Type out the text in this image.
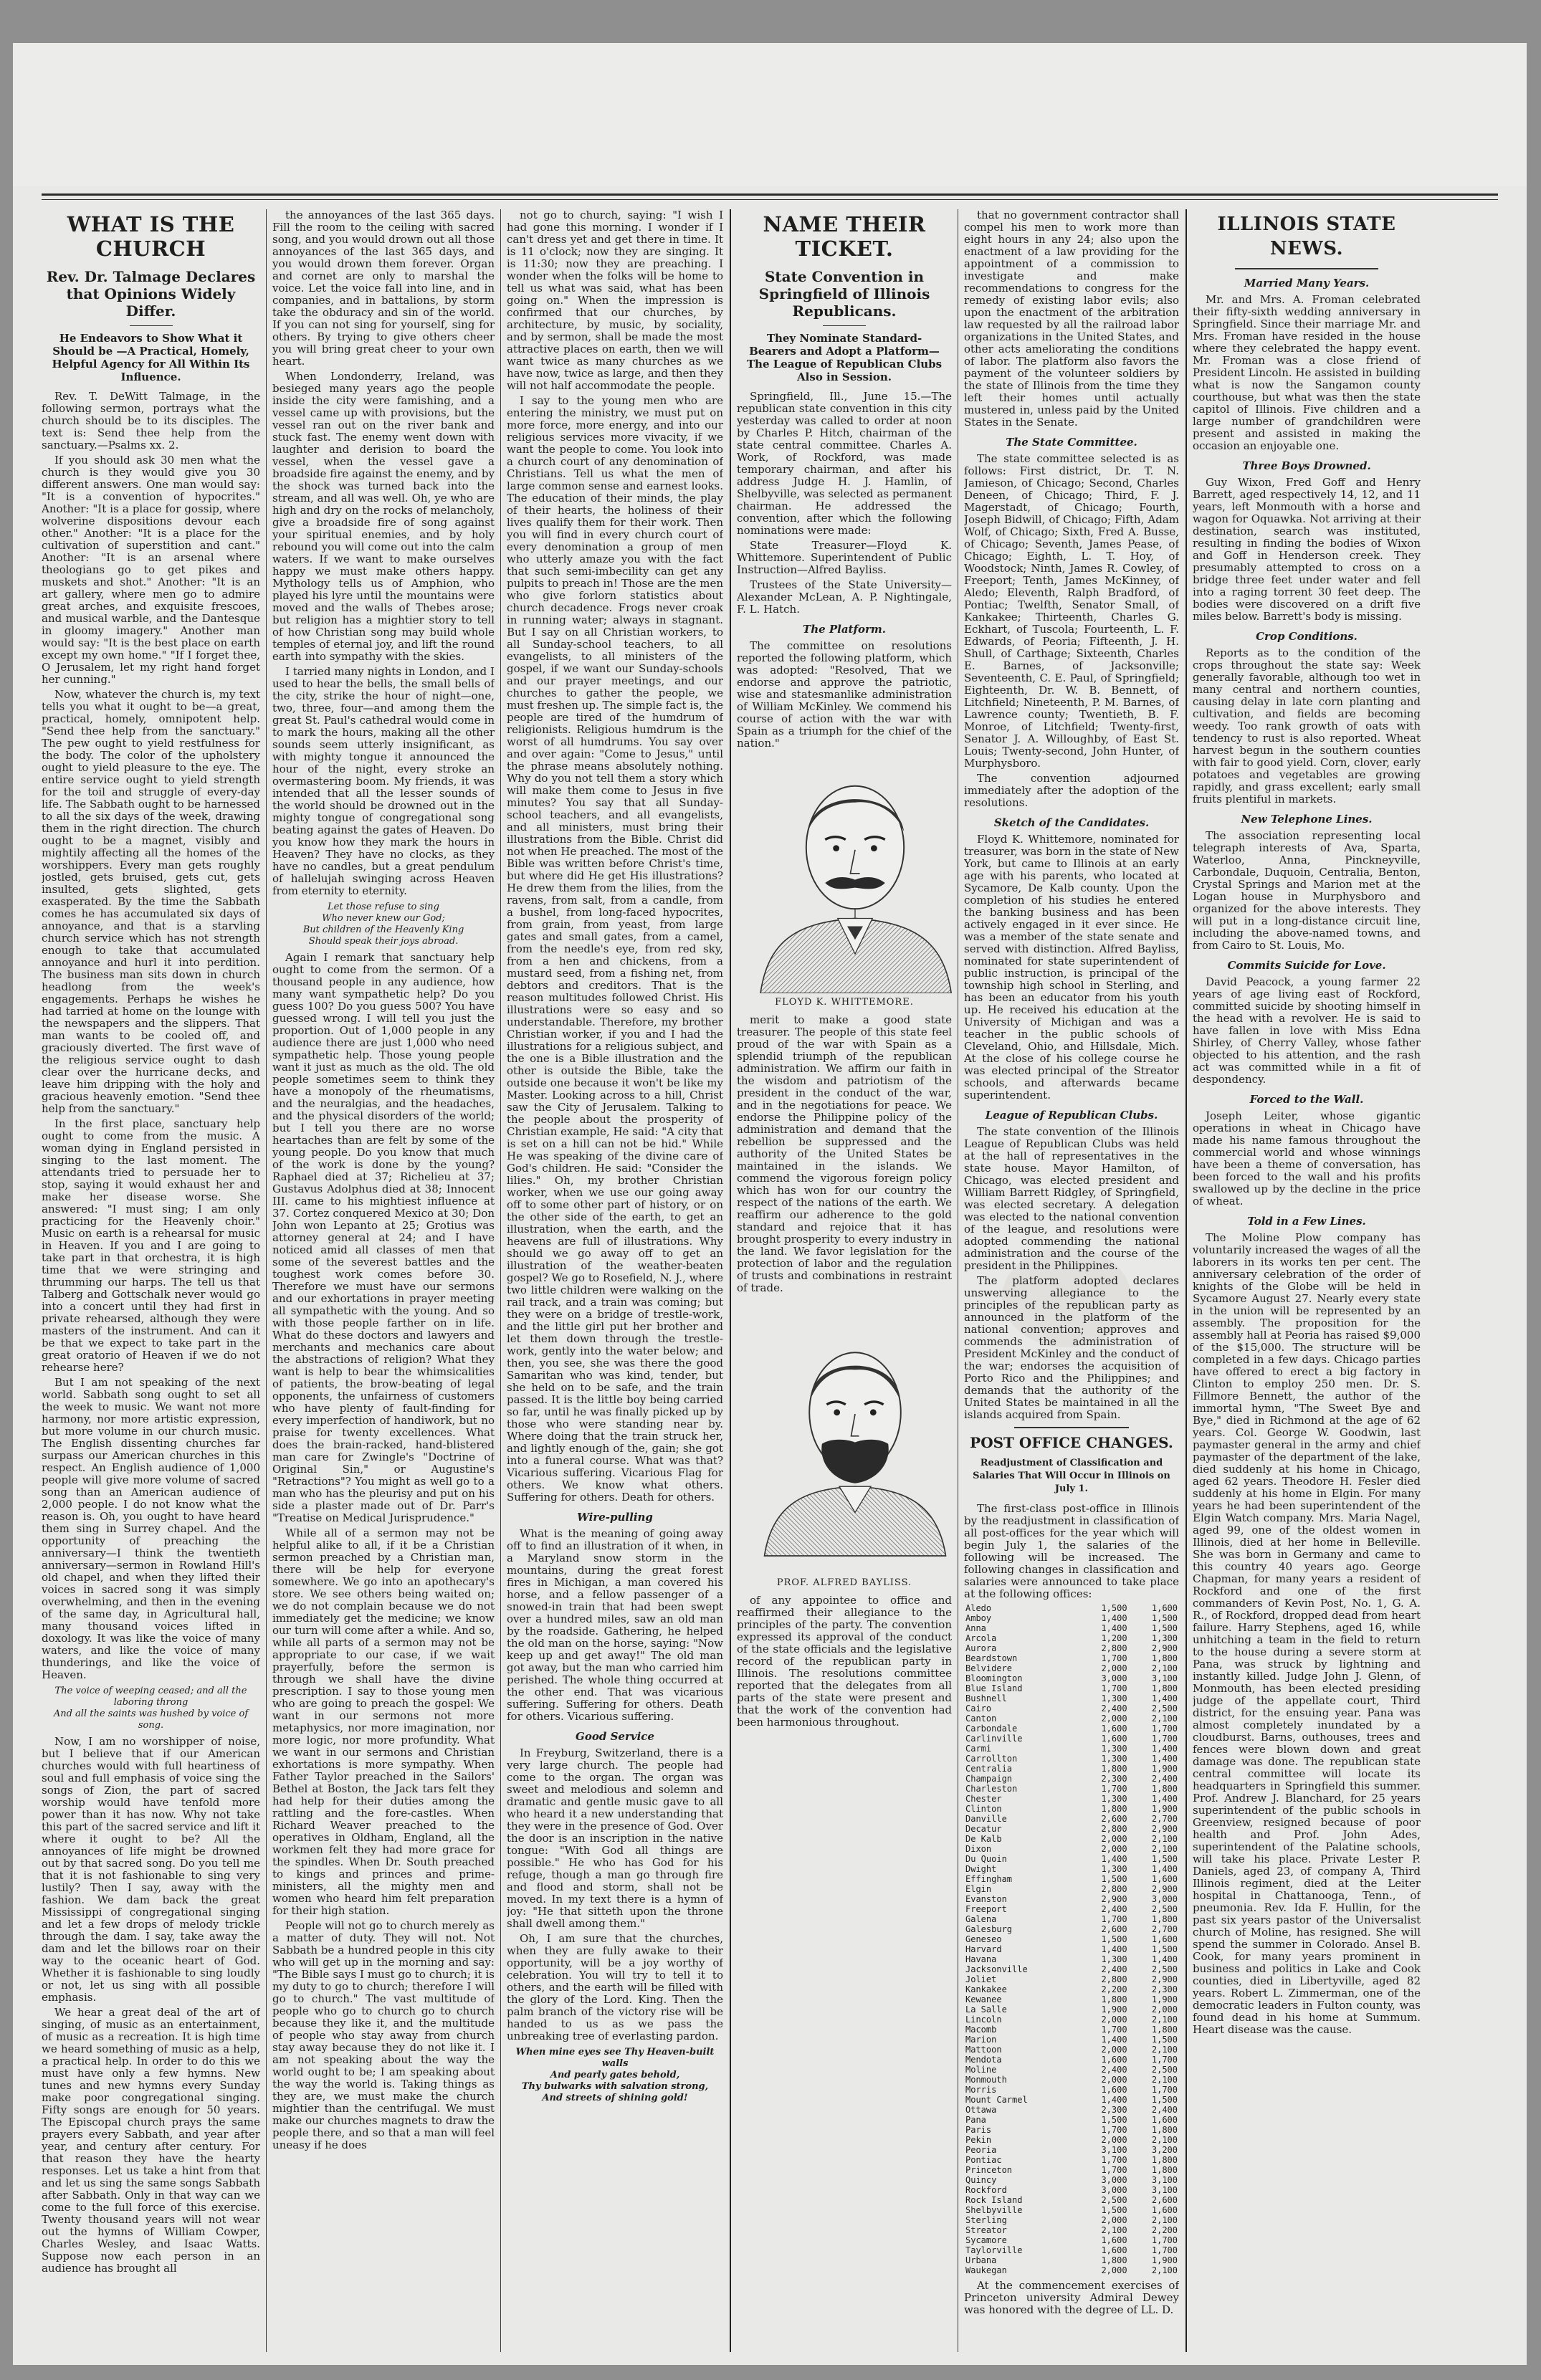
WHAT IS THE CHURCH
Rev. Dr. Talmage Declares that Opinions Widely Differ.
He Endeavors to Show What it Should be —A Practical, Homely, Helpful Agency for All Within Its Influence.

Rev. T. DeWitt Talmage, in the following sermon, portrays what the church should be to its disciples. The text is: Send thee help from the sanctuary.—Psalms xx. 2.

If you should ask 30 men what the church is they would give you 30 different answers. One man would say: "It is a convention of hypocrites." Another: "It is a place for gossip, where wolverine dispositions devour each other." Another: "It is a place for the cultivation of superstition and cant." Another: "It is an arsenal where theologians go to get pikes and muskets and shot." Another: "It is an art gallery, where men go to admire great arches, and exquisite frescoes, and musical warble, and the Dantesque in gloomy imagery." Another man would say: "It is the best place on earth except my own home." "If I forget thee, O Jerusalem, let my right hand forget her cunning."

Now, whatever the church is, my text tells you what it ought to be—a great, practical, homely, omnipotent help. "Send thee help from the sanctuary." The pew ought to yield restfulness for the body. The color of the upholstery ought to yield pleasure to the eye. The entire service ought to yield strength for the toil and struggle of every-day life. The Sabbath ought to be harnessed to all the six days of the week, drawing them in the right direction. The church ought to be a magnet, visibly and mightily affecting all the homes of the worshippers. Every man gets roughly jostled, gets bruised, gets cut, gets insulted, gets slighted, gets exasperated. By the time the Sabbath comes he has accumulated six days of annoyance, and that is a starvling church service which has not strength enough to take that accumulated annoyance and hurl it into perdition. The business man sits down in church headlong from the week's engagements. Perhaps he wishes he had tarried at home on the lounge with the newspapers and the slippers. That man wants to be cooled off, and graciously diverted. The first wave of the religious service ought to dash clear over the hurricane decks, and leave him dripping with the holy and gracious heavenly emotion. "Send thee help from the sanctuary."

In the first place, sanctuary help ought to come from the music. A woman dying in England persisted in singing to the last moment. The attendants tried to persuade her to stop, saying it would exhaust her and make her disease worse. She answered: "I must sing; I am only practicing for the Heavenly choir." Music on earth is a rehearsal for music in Heaven. If you and I are going to take part in that orchestra, it is high time that we were stringing and thrumming our harps. The tell us that Talberg and Gottschalk never would go into a concert until they had first in private rehearsed, although they were masters of the instrument. And can it be that we expect to take part in the great oratorio of Heaven if we do not rehearse here?

But I am not speaking of the next world. Sabbath song ought to set all the week to music. We want not more harmony, nor more artistic expression, but more volume in our church music. The English dissenting churches far surpass our American churches in this respect. An English audience of 1,000 people will give more volume of sacred song than an American audience of 2,000 people. I do not know what the reason is. Oh, you ought to have heard them sing in Surrey chapel. And the opportunity of preaching the anniversary—I think the twentieth anniversary—sermon in Rowland Hill's old chapel, and when they lifted their voices in sacred song it was simply overwhelming, and then in the evening of the same day, in Agricultural hall, many thousand voices lifted in doxology. It was like the voice of many waters, and like the voice of many thunderings, and like the voice of Heaven.

The voice of weeping ceased; and all the laboring throng
And all the saints was hushed by voice of song.

Now, I am no worshipper of noise, but I believe that if our American churches would with full heartiness of soul and full emphasis of voice sing the songs of Zion, the part of sacred worship would have tenfold more power than it has now. Why not take this part of the sacred service and lift it where it ought to be? All the annoyances of life might be drowned out by that sacred song. Do you tell me that it is not fashionable to sing very lustily? Then I say, away with the fashion. We dam back the great Mississippi of congregational singing and let a few drops of melody trickle through the dam. I say, take away the dam and let the billows roar on their way to the oceanic heart of God. Whether it is fashionable to sing loudly or not, let us sing with all possible emphasis.

We hear a great deal of the art of singing, of music as an entertainment, of music as a recreation. It is high time we heard something of music as a help, a practical help. In order to do this we must have only a few hymns. New tunes and new hymns every Sunday make poor congregational singing. Fifty songs are enough for 50 years. The Episcopal church prays the same prayers every Sabbath, and year after year, and century after century. For that reason they have the hearty responses. Let us take a hint from that and let us sing the same songs Sabbath after Sabbath. Only in that way can we come to the full force of this exercise. Twenty thousand years will not wear out the hymns of William Cowper, Charles Wesley, and Isaac Watts. Suppose now each person in an audience has brought all

the annoyances of the last 365 days. Fill the room to the ceiling with sacred song, and you would drown out all those annoyances of the last 365 days, and you would drown them forever. Organ and cornet are only to marshal the voice. Let the voice fall into line, and in companies, and in battalions, by storm take the obduracy and sin of the world. If you can not sing for yourself, sing for others. By trying to give others cheer you will bring great cheer to your own heart.

When Londonderry, Ireland, was besieged many years ago the people inside the city were famishing, and a vessel came up with provisions, but the vessel ran out on the river bank and stuck fast. The enemy went down with laughter and derision to board the vessel, when the vessel gave a broadside fire against the enemy, and by the shock was turned back into the stream, and all was well. Oh, ye who are high and dry on the rocks of melancholy, give a broadside fire of song against your spiritual enemies, and by holy rebound you will come out into the calm waters. If we want to make ourselves happy we must make others happy. Mythology tells us of Amphion, who played his lyre until the mountains were moved and the walls of Thebes arose; but religion has a mightier story to tell of how Christian song may build whole temples of eternal joy, and lift the round earth into sympathy with the skies.

I tarried many nights in London, and I used to hear the bells, the small bells of the city, strike the hour of night—one, two, three, four—and among them the great St. Paul's cathedral would come in to mark the hours, making all the other sounds seem utterly insignificant, as with mighty tongue it announced the hour of the night, every stroke an overmastering boom. My friends, it was intended that all the lesser sounds of the world should be drowned out in the mighty tongue of congregational song beating against the gates of Heaven. Do you know how they mark the hours in Heaven? They have no clocks, as they have no candles, but a great pendulum of hallelujah swinging across Heaven from eternity to eternity.

Let those refuse to sing
Who never knew our God;
But children of the Heavenly King
Should speak their joys abroad.

Again I remark that sanctuary help ought to come from the sermon. Of a thousand people in any audience, how many want sympathetic help? Do you guess 100? Do you guess 500? You have guessed wrong. I will tell you just the proportion. Out of 1,000 people in any audience there are just 1,000 who need sympathetic help. Those young people want it just as much as the old. The old people sometimes seem to think they have a monopoly of the rheumatisms, and the neuralgias, and the headaches, and the physical disorders of the world; but I tell you there are no worse heartaches than are felt by some of the young people. Do you know that much of the work is done by the young? Raphael died at 37; Richelieu at 37; Gustavus Adolphus died at 38; Innocent III. came to his mightiest influence at 37. Cortez conquered Mexico at 30; Don John won Lepanto at 25; Grotius was attorney general at 24; and I have noticed amid all classes of men that some of the severest battles and the toughest work comes before 30. Therefore we must have our sermons and our exhortations in prayer meeting all sympathetic with the young. And so with those people farther on in life. What do these doctors and lawyers and merchants and mechanics care about the abstractions of religion? What they want is help to bear the whimsicalities of patients, the brow-beating of legal opponents, the unfairness of customers who have plenty of fault-finding for every imperfection of handiwork, but no praise for twenty excellences. What does the brain-racked, hand-blistered man care for Zwingle's "Doctrine of Original Sin," or Augustine's "Retractions"? You might as well go to a man who has the pleurisy and put on his side a plaster made out of Dr. Parr's "Treatise on Medical Jurisprudence."

While all of a sermon may not be helpful alike to all, if it be a Christian sermon preached by a Christian man, there will be help for everyone somewhere. We go into an apothecary's store. We see others being waited on; we do not complain because we do not immediately get the medicine; we know our turn will come after a while. And so, while all parts of a sermon may not be appropriate to our case, if we wait prayerfully, before the sermon is through we shall have the divine prescription. I say to those young men who are going to preach the gospel: We want in our sermons not more metaphysics, nor more imagination, nor more logic, nor more profundity. What we want in our sermons and Christian exhortations is more sympathy. When Father Taylor preached in the Sailors' Bethel at Boston, the Jack tars felt they had help for their duties among the rattling and the fore-castles. When Richard Weaver preached to the operatives in Oldham, England, all the workmen felt they had more grace for the spindles. When Dr. South preached to kings and princes and prime-ministers, all the mighty men and women who heard him felt preparation for their high station.

People will not go to church merely as a matter of duty. They will not. Not Sabbath be a hundred people in this city who will get up in the morning and say: "The Bible says I must go to church; it is my duty to go to church; therefore I will go to church." The vast multitude of people who go to church go to church because they like it, and the multitude of people who stay away from church stay away because they do not like it. I am not speaking about the way the world ought to be; I am speaking about the way the world is. Taking things as they are, we must make the church mightier than the centrifugal. We must make our churches magnets to draw the people there, and so that a man will feel uneasy if he does

not go to church, saying: "I wish I had gone this morning. I wonder if I can't dress yet and get there in time. It is 11 o'clock; now they are singing. It is 11:30; now they are preaching. I wonder when the folks will be home to tell us what was said, what has been going on." When the impression is confirmed that our churches, by architecture, by music, by sociality, and by sermon, shall be made the most attractive places on earth, then we will want twice as many churches as we have now, twice as large, and then they will not half accommodate the people.

I say to the young men who are entering the ministry, we must put on more force, more energy, and into our religious services more vivacity, if we want the people to come. You look into a church court of any denomination of Christians. Tell us what the men of large common sense and earnest looks. The education of their minds, the play of their hearts, the holiness of their lives qualify them for their work. Then you will find in every church court of every denomination a group of men who utterly amaze you with the fact that such semi-imbecility can get any pulpits to preach in! Those are the men who give forlorn statistics about church decadence. Frogs never croak in running water; always in stagnant. But I say on all Christian workers, to all Sunday-school teachers, to all evangelists, to all ministers of the gospel, if we want our Sunday-schools and our prayer meetings, and our churches to gather the people, we must freshen up. The simple fact is, the people are tired of the humdrum of religionists. Religious humdrum is the worst of all humdrums. You say over and over again: "Come to Jesus," until the phrase means absolutely nothing. Why do you not tell them a story which will make them come to Jesus in five minutes? You say that all Sunday-school teachers, and all evangelists, and all ministers, must bring their illustrations from the Bible. Christ did not when He preached. The most of the Bible was written before Christ's time, but where did He get His illustrations? He drew them from the lilies, from the ravens, from salt, from a candle, from a bushel, from long-faced hypocrites, from grain, from yeast, from large gates and small gates, from a camel, from the needle's eye, from red sky, from a hen and chickens, from a mustard seed, from a fishing net, from debtors and creditors. That is the reason multitudes followed Christ. His illustrations were so easy and so understandable. Therefore, my brother Christian worker, if you and I had the illustrations for a religious subject, and the one is a Bible illustration and the other is outside the Bible, take the outside one because it won't be like my Master. Looking across to a hill, Christ saw the City of Jerusalem. Talking to the people about the prosperity of Christian example, He said: "A city that is set on a hill can not be hid." While He was speaking of the divine care of God's children. He said: "Consider the lilies." Oh, my brother Christian worker, when we use our going away off to some other part of history, or on the other side of the earth, to get an illustration, when the earth, and the heavens are full of illustrations. Why should we go away off to get an illustration of the weather-beaten gospel? We go to Rosefield, N. J., where two little children were walking on the rail track, and a train was coming; but they were on a bridge of trestle-work, and the little girl put her brother and let them down through the trestle-work, gently into the water below; and then, you see, she was there the good Samaritan who was kind, tender, but she held on to be safe, and the train passed. It is the little boy being carried so far, until he was finally picked up by those who were standing near by. Where doing that the train struck her, and lightly enough of the, gain; she got into a funeral course. What was that? Vicarious suffering. Vicarious Flag for others. We know what others. Suffering for others. Death for others.

Wire-pulling

What is the meaning of going away off to find an illustration of it when, in a Maryland snow storm in the mountains, during the great forest fires in Michigan, a man covered his horse, and a fellow passenger of a snowed-in train that had been swept over a hundred miles, saw an old man by the roadside. Gathering, he helped the old man on the horse, saying: "Now keep up and get away!" The old man got away, but the man who carried him perished. The whole thing occurred at the other end. That was vicarious suffering. Suffering for others. Death for others. Vicarious suffering.

Good Service

In Freyburg, Switzerland, there is a very large church. The people had come to the organ. The organ was sweet and melodious and solemn and dramatic and gentle music gave to all who heard it a new understanding that they were in the presence of God. Over the door is an inscription in the native tongue: "With God all things are possible." He who has God for his refuge, though a man go through fire and flood and storm, shall not be moved. In my text there is a hymn of joy: "He that sitteth upon the throne shall dwell among them."

Oh, I am sure that the churches, when they are fully awake to their opportunity, will be a joy worthy of celebration. You will try to tell it to others, and the earth will be filled with the glory of the Lord. King. Then the palm branch of the victory rise will be handed to us as we pass the unbreaking tree of everlasting pardon.

When mine eyes see Thy Heaven-built walls
And pearly gates behold,
Thy bulwarks with salvation strong,
And streets of shining gold!
NAME THEIR TICKET.
State Convention in Springfield of Illinois Republicans.
They Nominate Standard-Bearers and Adopt a Platform—The League of Republican Clubs Also in Session.

Springfield, Ill., June 15.—The republican state convention in this city yesterday was called to order at noon by Charles P. Hitch, chairman of the state central committee. Charles A. Work, of Rockford, was made temporary chairman, and after his address Judge H. J. Hamlin, of Shelbyville, was selected as permanent chairman. He addressed the convention, after which the following nominations were made:

State Treasurer—Floyd K. Whittemore. Superintendent of Public Instruction—Alfred Bayliss.

Trustees of the State University—Alexander McLean, A. P. Nightingale, F. L. Hatch.

The Platform.

The committee on resolutions reported the following platform, which was adopted: "Resolved, That we endorse and approve the patriotic, wise and statesmanlike administration of William McKinley. We commend his course of action with the war with Spain as a triumph for the chief of the nation."

FLOYD K. WHITTEMORE.

merit to make a good state treasurer. The people of this state feel proud of the war with Spain as a splendid triumph of the republican administration. We affirm our faith in the wisdom and patriotism of the president in the conduct of the war, and in the negotiations for peace. We endorse the Philippine policy of the administration and demand that the rebellion be suppressed and the authority of the United States be maintained in the islands. We commend the vigorous foreign policy which has won for our country the respect of the nations of the earth. We reaffirm our adherence to the gold standard and rejoice that it has brought prosperity to every industry in the land. We favor legislation for the protection of labor and the regulation of trusts and combinations in restraint of trade.

PROF. ALFRED BAYLISS.

of any appointee to office and reaffirmed their allegiance to the principles of the party. The convention expressed its approval of the conduct of the state officials and the legislative record of the republican party in Illinois. The resolutions committee reported that the delegates from all parts of the state were present and that the work of the convention had been harmonious throughout.

that no government contractor shall compel his men to work more than eight hours in any 24; also upon the enactment of a law providing for the appointment of a commission to investigate and make recommendations to congress for the remedy of existing labor evils; also upon the enactment of the arbitration law requested by all the railroad labor organizations in the United States, and other acts ameliorating the conditions of labor. The platform also favors the payment of the volunteer soldiers by the state of Illinois from the time they left their homes until actually mustered in, unless paid by the United States in the Senate.

The State Committee.

The state committee selected is as follows: First district, Dr. T. N. Jamieson, of Chicago; Second, Charles Deneen, of Chicago; Third, F. J. Magerstadt, of Chicago; Fourth, Joseph Bidwill, of Chicago; Fifth, Adam Wolf, of Chicago; Sixth, Fred A. Busse, of Chicago; Seventh, James Pease, of Chicago; Eighth, L. T. Hoy, of Woodstock; Ninth, James R. Cowley, of Freeport; Tenth, James McKinney, of Aledo; Eleventh, Ralph Bradford, of Pontiac; Twelfth, Senator Small, of Kankakee; Thirteenth, Charles G. Eckhart, of Tuscola; Fourteenth, L. F. Edwards, of Peoria; Fifteenth, J. H. Shull, of Carthage; Sixteenth, Charles E. Barnes, of Jacksonville; Seventeenth, C. E. Paul, of Springfield; Eighteenth, Dr. W. B. Bennett, of Litchfield; Nineteenth, P. M. Barnes, of Lawrence county; Twentieth, B. F. Monroe, of Litchfield; Twenty-first, Senator J. A. Willoughby, of East St. Louis; Twenty-second, John Hunter, of Murphysboro.

The convention adjourned immediately after the adoption of the resolutions.

Sketch of the Candidates.

Floyd K. Whittemore, nominated for treasurer, was born in the state of New York, but came to Illinois at an early age with his parents, who located at Sycamore, De Kalb county. Upon the completion of his studies he entered the banking business and has been actively engaged in it ever since. He was a member of the state senate and served with distinction. Alfred Bayliss, nominated for state superintendent of public instruction, is principal of the township high school in Sterling, and has been an educator from his youth up. He received his education at the University of Michigan and was a teacher in the public schools of Cleveland, Ohio, and Hillsdale, Mich. At the close of his college course he was elected principal of the Streator schools, and afterwards became superintendent.

League of Republican Clubs.

The state convention of the Illinois League of Republican Clubs was held at the hall of representatives in the state house. Mayor Hamilton, of Chicago, was elected president and William Barrett Ridgley, of Springfield, was elected secretary. A delegation was elected to the national convention of the league, and resolutions were adopted commending the national administration and the course of the president in the Philippines.

The platform adopted declares unswerving allegiance to the principles of the republican party as announced in the platform of the national convention; approves and commends the administration of President McKinley and the conduct of the war; endorses the acquisition of Porto Rico and the Philippines; and demands that the authority of the United States be maintained in all the islands acquired from Spain.

POST OFFICE CHANGES.
Readjustment of Classification and Salaries That Will Occur in Illinois on July 1.

The first-class post-office in Illinois by the readjustment in classification of all post-offices for the year which will begin July 1, the salaries of the following will be increased. The following changes in classification and salaries were announced to take place at the following offices:

Aledo	1,500	1,600
Amboy	1,400	1,500
Anna	1,400	1,500
Arcola	1,200	1,300
Aurora	2,800	2,900
Beardstown	1,700	1,800
Belvidere	2,000	2,100
Bloomington	3,000	3,100
Blue Island	1,700	1,800
Bushnell	1,300	1,400
Cairo	2,400	2,500
Canton	2,000	2,100
Carbondale	1,600	1,700
Carlinville	1,600	1,700
Carmi	1,300	1,400
Carrollton	1,300	1,400
Centralia	1,800	1,900
Champaign	2,300	2,400
Charleston	1,700	1,800
Chester	1,300	1,400
Clinton	1,800	1,900
Danville	2,600	2,700
Decatur	2,800	2,900
De Kalb	2,000	2,100
Dixon	2,000	2,100
Du Quoin	1,400	1,500
Dwight	1,300	1,400
Effingham	1,500	1,600
Elgin	2,800	2,900
Evanston	2,900	3,000
Freeport	2,400	2,500
Galena	1,700	1,800
Galesburg	2,600	2,700
Geneseo	1,500	1,600
Harvard	1,400	1,500
Havana	1,300	1,400
Jacksonville	2,400	2,500
Joliet	2,800	2,900
Kankakee	2,200	2,300
Kewanee	1,800	1,900
La Salle	1,900	2,000
Lincoln	2,000	2,100
Macomb	1,700	1,800
Marion	1,400	1,500
Mattoon	2,000	2,100
Mendota	1,600	1,700
Moline	2,400	2,500
Monmouth	2,000	2,100
Morris	1,600	1,700
Mount Carmel	1,400	1,500
Ottawa	2,300	2,400
Pana	1,500	1,600
Paris	1,700	1,800
Pekin	2,000	2,100
Peoria	3,100	3,200
Pontiac	1,700	1,800
Princeton	1,700	1,800
Quincy	3,000	3,100
Rockford	3,000	3,100
Rock Island	2,500	2,600
Shelbyville	1,500	1,600
Sterling	2,000	2,100
Streator	2,100	2,200
Sycamore	1,600	1,700
Taylorville	1,600	1,700
Urbana	1,800	1,900
Waukegan	2,000	2,100

At the commencement exercises of Princeton university Admiral Dewey was honored with the degree of LL. D.

ILLINOIS STATE NEWS.
Married Many Years.

Mr. and Mrs. A. Froman celebrated their fifty-sixth wedding anniversary in Springfield. Since their marriage Mr. and Mrs. Froman have resided in the house where they celebrated the happy event. Mr. Froman was a close friend of President Lincoln. He assisted in building what is now the Sangamon county courthouse, but what was then the state capitol of Illinois. Five children and a large number of grandchildren were present and assisted in making the occasion an enjoyable one.

Three Boys Drowned.

Guy Wixon, Fred Goff and Henry Barrett, aged respectively 14, 12, and 11 years, left Monmouth with a horse and wagon for Oquawka. Not arriving at their destination, search was instituted, resulting in finding the bodies of Wixon and Goff in Henderson creek. They presumably attempted to cross on a bridge three feet under water and fell into a raging torrent 30 feet deep. The bodies were discovered on a drift five miles below. Barrett's body is missing.

Crop Conditions.

Reports as to the condition of the crops throughout the state say: Week generally favorable, although too wet in many central and northern counties, causing delay in late corn planting and cultivation, and fields are becoming weedy. Too rank growth of oats with tendency to rust is also reported. Wheat harvest begun in the southern counties with fair to good yield. Corn, clover, early potatoes and vegetables are growing rapidly, and grass excellent; early small fruits plentiful in markets.

New Telephone Lines.

The association representing local telegraph interests of Ava, Sparta, Waterloo, Anna, Pinckneyville, Carbondale, Duquoin, Centralia, Benton, Crystal Springs and Marion met at the Logan house in Murphysboro and organized for the above interests. They will put in a long-distance circuit line, including the above-named towns, and from Cairo to St. Louis, Mo.

Commits Suicide for Love.

David Peacock, a young farmer 22 years of age living east of Rockford, committed suicide by shooting himself in the head with a revolver. He is said to have fallen in love with Miss Edna Shirley, of Cherry Valley, whose father objected to his attention, and the rash act was committed while in a fit of despondency.

Forced to the Wall.

Joseph Leiter, whose gigantic operations in wheat in Chicago have made his name famous throughout the commercial world and whose winnings have been a theme of conversation, has been forced to the wall and his profits swallowed up by the decline in the price of wheat.

Told in a Few Lines.

The Moline Plow company has voluntarily increased the wages of all the laborers in its works ten per cent. The anniversary celebration of the order of knights of the Globe will be held in Sycamore August 27. Nearly every state in the union will be represented by an assembly. The proposition for the assembly hall at Peoria has raised $9,000 of the $15,000. The structure will be completed in a few days. Chicago parties have offered to erect a big factory in Clinton to employ 250 men. Dr. S. Fillmore Bennett, the author of the immortal hymn, "The Sweet Bye and Bye," died in Richmond at the age of 62 years. Col. George W. Goodwin, last paymaster general in the army and chief paymaster of the department of the lake, died suddenly at his home in Chicago, aged 62 years. Theodore H. Fesler died suddenly at his home in Elgin. For many years he had been superintendent of the Elgin Watch company. Mrs. Maria Nagel, aged 99, one of the oldest women in Illinois, died at her home in Belleville. She was born in Germany and came to this country 40 years ago. George Chapman, for many years a resident of Rockford and one of the first commanders of Kevin Post, No. 1, G. A. R., of Rockford, dropped dead from heart failure. Harry Stephens, aged 16, while unhitching a team in the field to return to the house during a severe storm at Pana, was struck by lightning and instantly killed. Judge John J. Glenn, of Monmouth, has been elected presiding judge of the appellate court, Third district, for the ensuing year. Pana was almost completely inundated by a cloudburst. Barns, outhouses, trees and fences were blown down and great damage was done. The republican state central committee will locate its headquarters in Springfield this summer. Prof. Andrew J. Blanchard, for 25 years superintendent of the public schools in Greenview, resigned because of poor health and Prof. John Ades, superintendent of the Palatine schools, will take his place. Private Lester P. Daniels, aged 23, of company A, Third Illinois regiment, died at the Leiter hospital in Chattanooga, Tenn., of pneumonia. Rev. Ida F. Hullin, for the past six years pastor of the Universalist church of Moline, has resigned. She will spend the summer in Colorado. Ansel B. Cook, for many years prominent in business and politics in Lake and Cook counties, died in Libertyville, aged 82 years. Robert L. Zimmerman, one of the democratic leaders in Fulton county, was found dead in his home at Summum. Heart disease was the cause.
